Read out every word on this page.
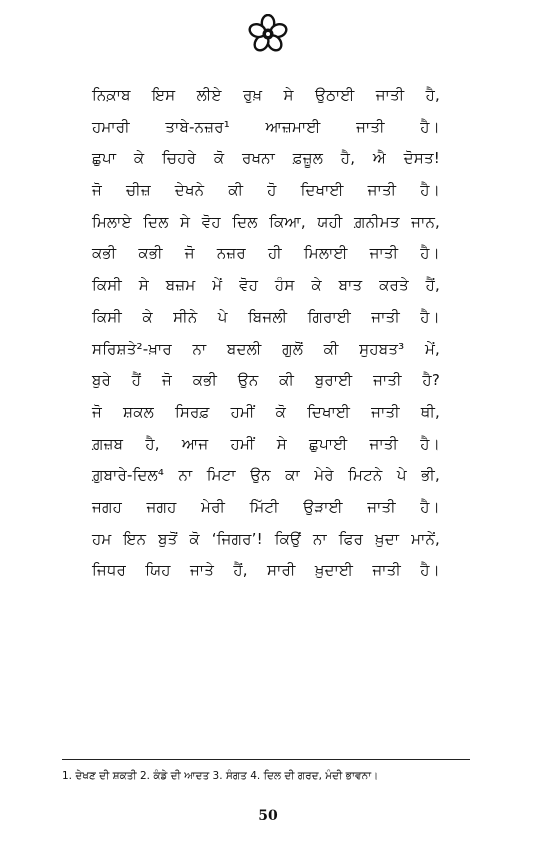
ਨਿਕ਼ਾਬ ਇਸ ਲੀਏ ਰੁਖ਼ ਸੇ ਉਠਾਈ ਜਾਤੀ ਹੈ,
ਹਮਾਰੀ ਤਾਬੇ-ਨਜ਼ਰ¹ ਆਜ਼ਮਾਈ ਜਾਤੀ ਹੈ।
ਛੁਪਾ ਕੇ ਚਿਹਰੇ ਕੋ ਰਖਨਾ ਫ਼ਜ਼ੂਲ ਹੈ, ਐ ਦੋਸਤ!
ਜੋ ਚੀਜ਼ ਦੇਖਨੇ ਕੀ ਹੋ ਦਿਖਾਈ ਜਾਤੀ ਹੈ।
ਮਿਲਾਏ ਦਿਲ ਸੇ ਵੋਹ ਦਿਲ ਕਿਆ, ਯਹੀ ਗ਼ਨੀਮਤ ਜਾਨ,
ਕਭੀ ਕਭੀ ਜੋ ਨਜ਼ਰ ਹੀ ਮਿਲਾਈ ਜਾਤੀ ਹੈ।
ਕਿਸੀ ਸੇ ਬਜ਼ਮ ਮੇਂ ਵੋਹ ਹੰਸ ਕੇ ਬਾਤ ਕਰਤੇ ਹੈਂ,
ਕਿਸੀ ਕੇ ਸੀਨੇ ਪੇ ਬਿਜਲੀ ਗਿਰਾਈ ਜਾਤੀ ਹੈ।
ਸਰਿਸ਼ਤੇ²-ਖ਼ਾਰ ਨਾ ਬਦਲੀ ਗੁਲੋਂ ਕੀ ਸੁਹਬਤ³ ਮੇਂ,
ਬੁਰੇ ਹੈਂ ਜੋ ਕਭੀ ਉਨ ਕੀ ਬੁਰਾਈ ਜਾਤੀ ਹੈ?
ਜੋ ਸ਼ਕਲ ਸਿਰਫ਼ ਹਮੀਂ ਕੋ ਦਿਖਾਈ ਜਾਤੀ ਥੀ,
ਗ਼ਜ਼ਬ ਹੈ, ਆਜ ਹਮੀਂ ਸੇ ਛੁਪਾਈ ਜਾਤੀ ਹੈ।
ਗ਼ੁਬਾਰੇ-ਦਿਲ⁴ ਨਾ ਮਿਟਾ ਉਨ ਕਾ ਮੇਰੇ ਮਿਟਨੇ ਪੇ ਭੀ,
ਜਗਹ ਜਗਹ ਮੇਰੀ ਮਿੱਟੀ ਉੜਾਈ ਜਾਤੀ ਹੈ।
ਹਮ ਇਨ ਬੁਤੋਂ ਕੋ ‘ਜਿਗਰ’! ਕਿਉਂ ਨਾ ਫਿਰ ਖ਼ੁਦਾ ਮਾਨੇਂ,
ਜਿਧਰ ਯਿਹ ਜਾਤੇ ਹੈਂ, ਸਾਰੀ ਖ਼ੁਦਾਈ ਜਾਤੀ ਹੈ।
1. ਦੇਖਣ ਦੀ ਸ਼ਕਤੀ 2. ਕੰਡੇ ਦੀ ਆਦਤ 3. ਸੰਗਤ 4. ਦਿਲ ਦੀ ਗਰਦ, ਮੰਦੀ ਭਾਵਨਾ।
50
